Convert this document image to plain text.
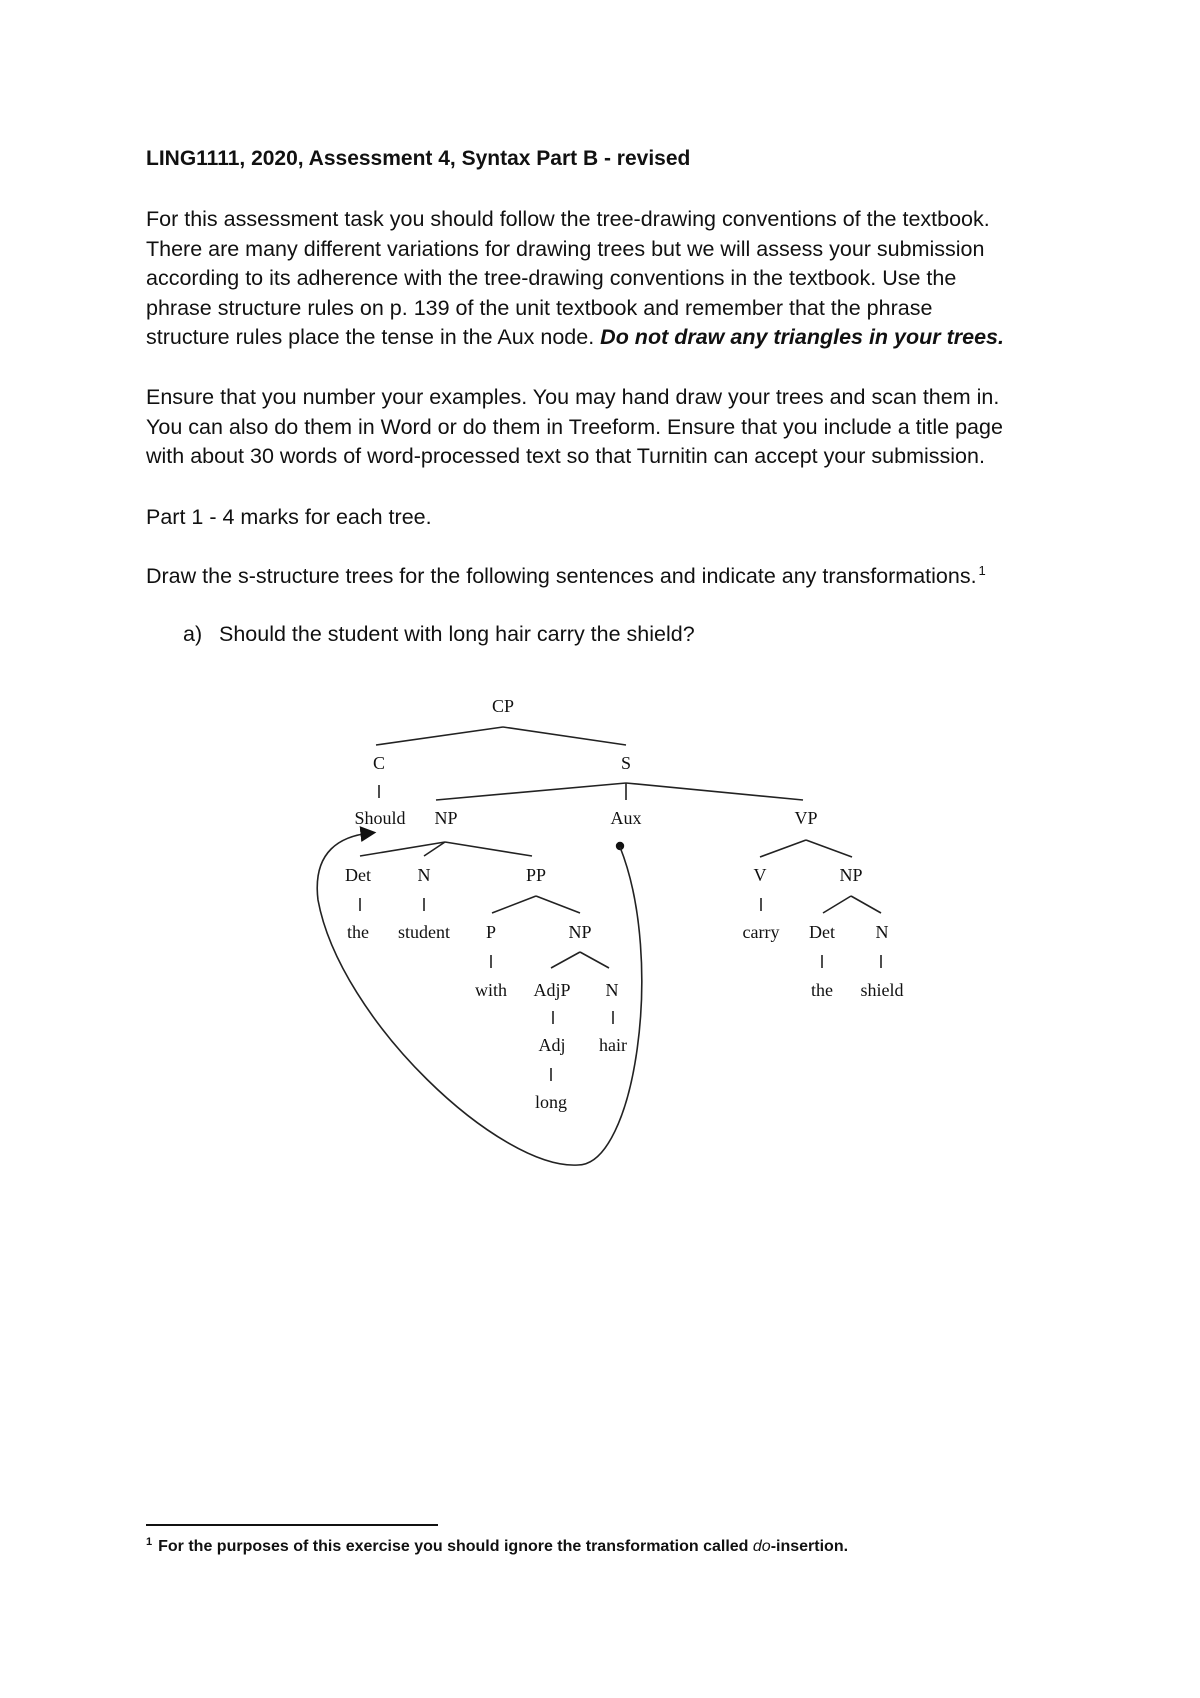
LING1111, 2020, Assessment 4, Syntax Part B - revised

For this assessment task you should follow the tree-drawing conventions of the textbook.
There are many different variations for drawing trees but we will assess your submission
according to its adherence with the tree-drawing conventions in the textbook. Use the
phrase structure rules on p. 139 of the unit textbook and remember that the phrase
structure rules place the tense in the Aux node. Do not draw any triangles in your trees.

Ensure that you number your examples. You may hand draw your trees and scan them in.
You can also do them in Word or do them in Treeform. Ensure that you include a title page
with about 30 words of word-processed text so that Turnitin can accept your submission.

Part 1 - 4 marks for each tree.

Draw the s-structure trees for the following sentences and indicate any transformations. $^1$

a) Should the student with long hair carry the shield?
CP
C	S
Should NP	Aux	VP
Det	N	PP	V	NP
the student P	NP	carry Det N
with AdjP N	the shield
Adj hair
long
$^1$ For the purposes of this exercise you should ignore the transformation called do-insertion.
